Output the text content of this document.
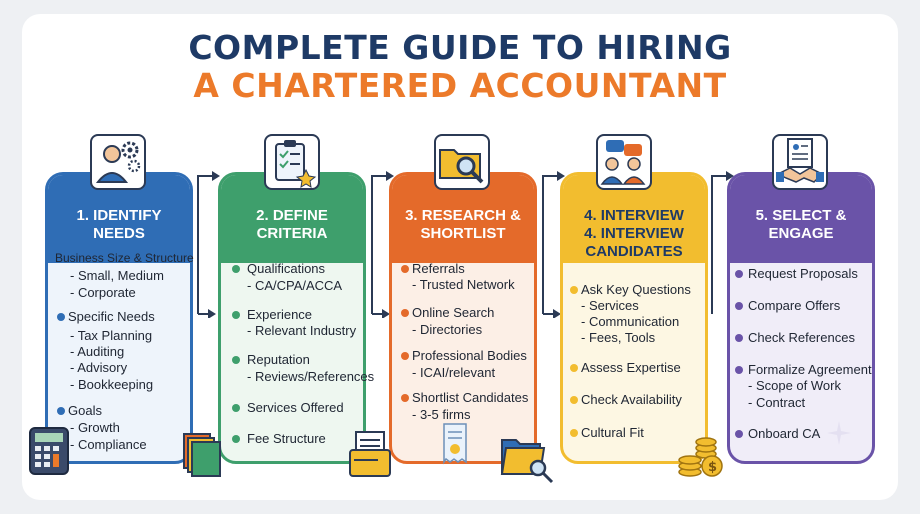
COMPLETE GUIDE TO HIRING
A CHARTERED ACCOUNTANT
1. IDENTIFY
NEEDS
Business Size & Structure
- Small, Medium
- Corporate
Specific Needs
- Tax Planning
- Auditing
- Advisory
- Bookkeeping
Goals
- Growth
- Compliance
2. DEFINE
CRITERIA
Qualifications
- CA/CPA/ACCA
Experience
- Relevant Industry
Reputation
- Reviews/References
Services Offered
Fee Structure
3. RESEARCH &
SHORTLIST
Referrals
- Trusted Network
Online Search
- Directories
Professional Bodies
- ICAI/relevant
Shortlist Candidates
- 3-5 firms
4. INTERVIEW
4. INTERVIEW
CANDIDATES
Ask Key Questions
- Services
- Communication
- Fees, Tools
Assess Expertise
Check Availability
Cultural Fit
$
5. SELECT &
ENGAGE
Request Proposals
Compare Offers
Check References
Formalize Agreement
- Scope of Work
- Contract
Onboard CA
